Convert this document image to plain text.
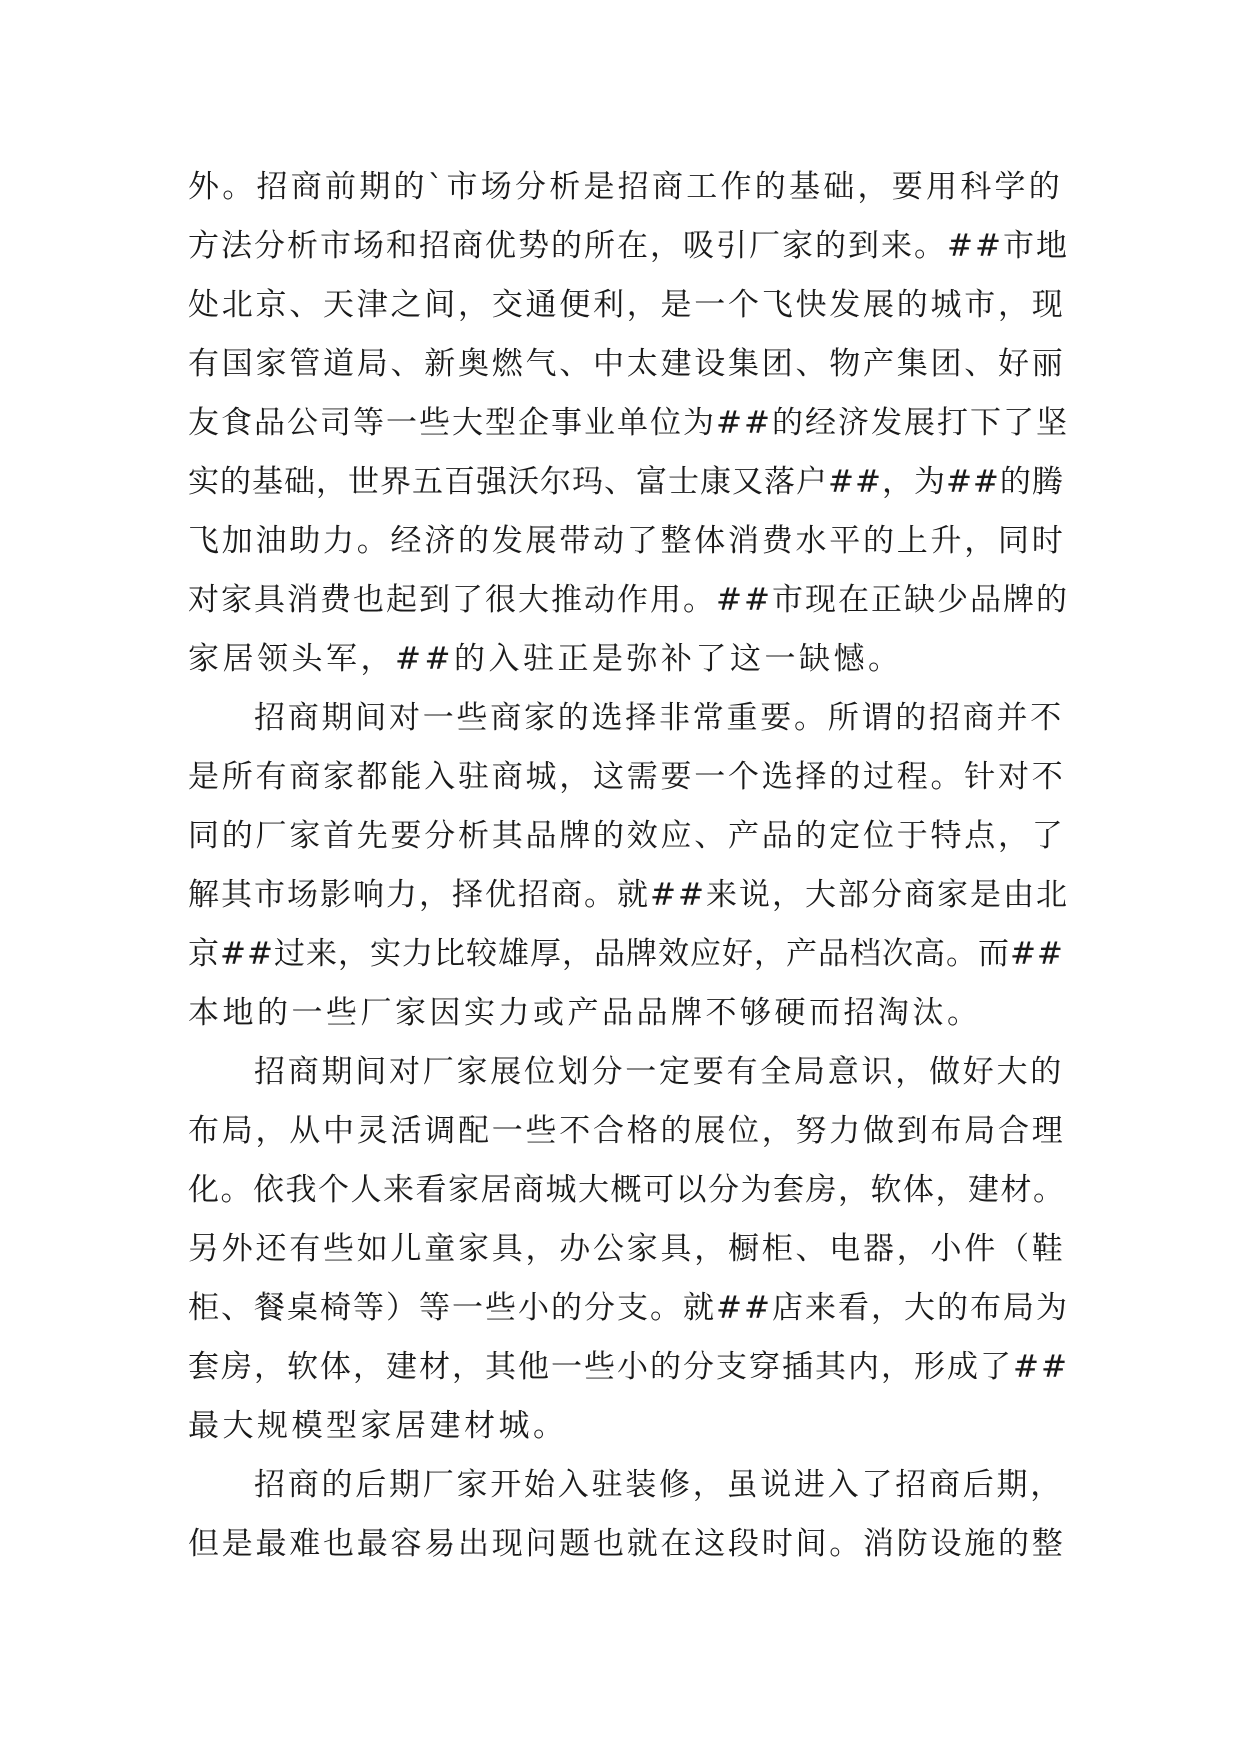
外。招商前期的`市场分析是招商工作的基础，要用科学的
方法分析市场和招商优势的所在，吸引厂家的到来。##市地
处北京、天津之间，交通便利，是一个飞快发展的城市，现
有国家管道局、新奥燃气、中太建设集团、物产集团、好丽
友食品公司等一些大型企事业单位为##的经济发展打下了坚
实的基础，世界五百强沃尔玛、富士康又落户##，为##的腾
飞加油助力。经济的发展带动了整体消费水平的上升，同时
对家具消费也起到了很大推动作用。##市现在正缺少品牌的
家居领头军，##的入驻正是弥补了这一缺憾。
招商期间对一些商家的选择非常重要。所谓的招商并不
是所有商家都能入驻商城，这需要一个选择的过程。针对不
同的厂家首先要分析其品牌的效应、产品的定位于特点，了
解其市场影响力，择优招商。就##来说，大部分商家是由北
京##过来，实力比较雄厚，品牌效应好，产品档次高。而##
本地的一些厂家因实力或产品品牌不够硬而招淘汰。
招商期间对厂家展位划分一定要有全局意识，做好大的
布局，从中灵活调配一些不合格的展位，努力做到布局合理
化。依我个人来看家居商城大概可以分为套房，软体，建材。
另外还有些如儿童家具，办公家具，橱柜、电器，小件（鞋
柜、餐桌椅等）等一些小的分支。就##店来看，大的布局为
套房，软体，建材，其他一些小的分支穿插其内，形成了##
最大规模型家居建材城。
招商的后期厂家开始入驻装修，虽说进入了招商后期，
但是最难也最容易出现问题也就在这段时间。消防设施的整
